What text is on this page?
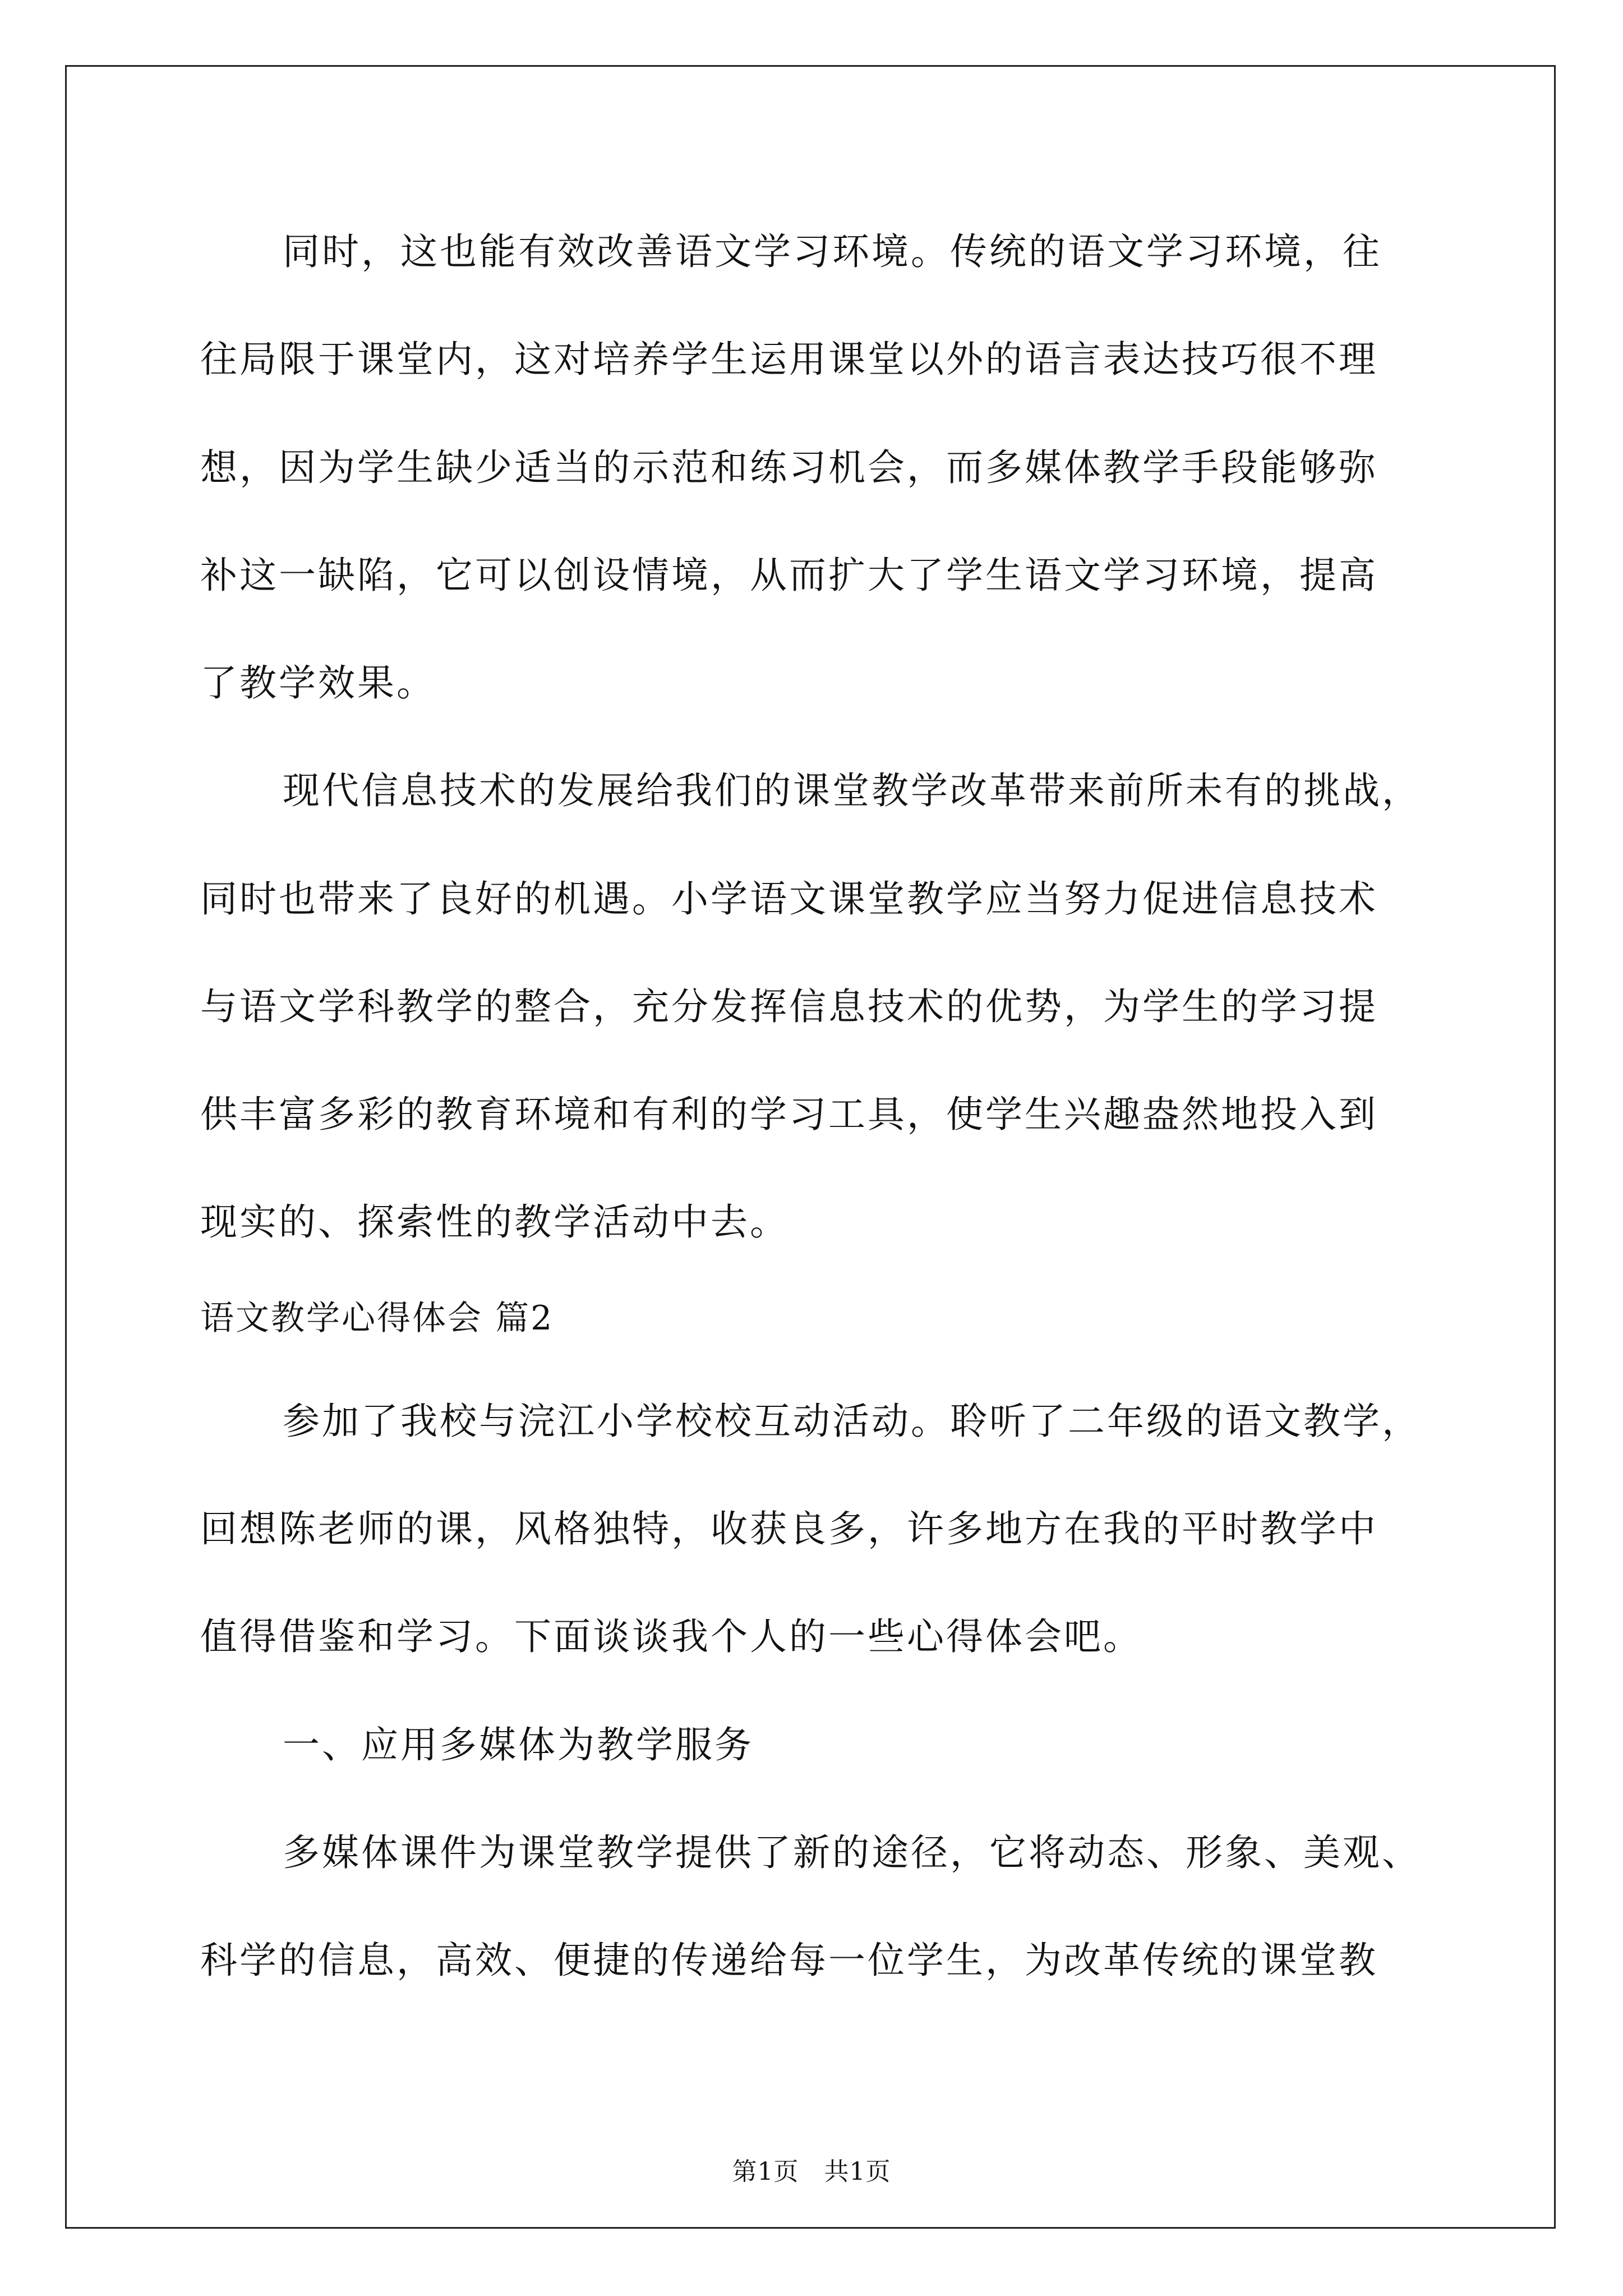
同时，这也能有效改善语文学习环境。传统的语文学习环境，往
往局限于课堂内，这对培养学生运用课堂以外的语言表达技巧很不理
想，因为学生缺少适当的示范和练习机会，而多媒体教学手段能够弥
补这一缺陷，它可以创设情境，从而扩大了学生语文学习环境，提高
了教学效果。
现代信息技术的发展给我们的课堂教学改革带来前所未有的挑战，
同时也带来了良好的机遇。小学语文课堂教学应当努力促进信息技术
与语文学科教学的整合，充分发挥信息技术的优势，为学生的学习提
供丰富多彩的教育环境和有利的学习工具，使学生兴趣盎然地投入到
现实的、探索性的教学活动中去。
语文教学心得体会 篇2
参加了我校与浣江小学校校互动活动。聆听了二年级的语文教学，
回想陈老师的课，风格独特，收获良多，许多地方在我的平时教学中
值得借鉴和学习。下面谈谈我个人的一些心得体会吧。
一、应用多媒体为教学服务
多媒体课件为课堂教学提供了新的途径，它将动态、形象、美观、
科学的信息，高效、便捷的传递给每一位学生，为改革传统的课堂教
第1页　共1页
